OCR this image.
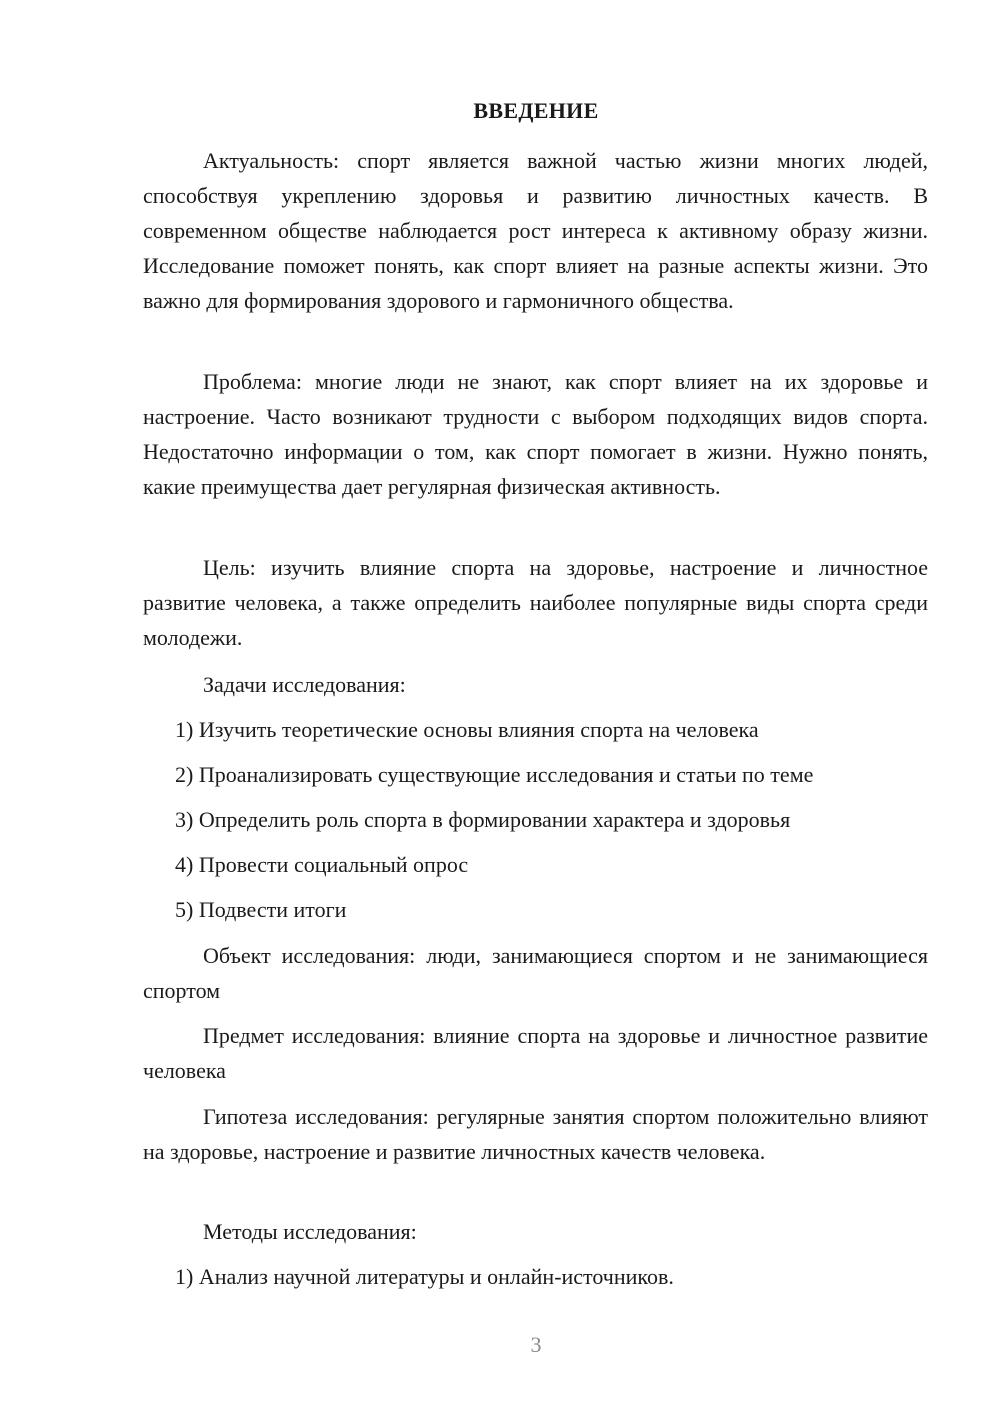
ВВЕДЕНИЕ

Актуальность: спорт является важной частью жизни многих людей, способствуя укреплению здоровья и развитию личностных качеств. В современном обществе наблюдается рост интереса к активному образу жизни. Исследование поможет понять, как спорт влияет на разные аспекты жизни. Это важно для формирования здорового и гармоничного общества.

Проблема: многие люди не знают, как спорт влияет на их здоровье и настроение. Часто возникают трудности с выбором подходящих видов спорта. Недостаточно информации о том, как спорт помогает в жизни. Нужно понять, какие преимущества дает регулярная физическая активность.

Цель: изучить влияние спорта на здоровье, настроение и личностное развитие человека, а также определить наиболее популярные виды спорта среди молодежи.

Задачи исследования:

1) Изучить теоретические основы влияния спорта на человека

2) Проанализировать существующие исследования и статьи по теме

3) Определить роль спорта в формировании характера и здоровья

4) Провести социальный опрос

5) Подвести итоги

Объект исследования: люди, занимающиеся спортом и не занимающиеся спортом

Предмет исследования: влияние спорта на здоровье и личностное развитие человека

Гипотеза исследования: регулярные занятия спортом положительно влияют на здоровье, настроение и развитие личностных качеств человека.

Методы исследования:

1) Анализ научной литературы и онлайн-источников.

3
